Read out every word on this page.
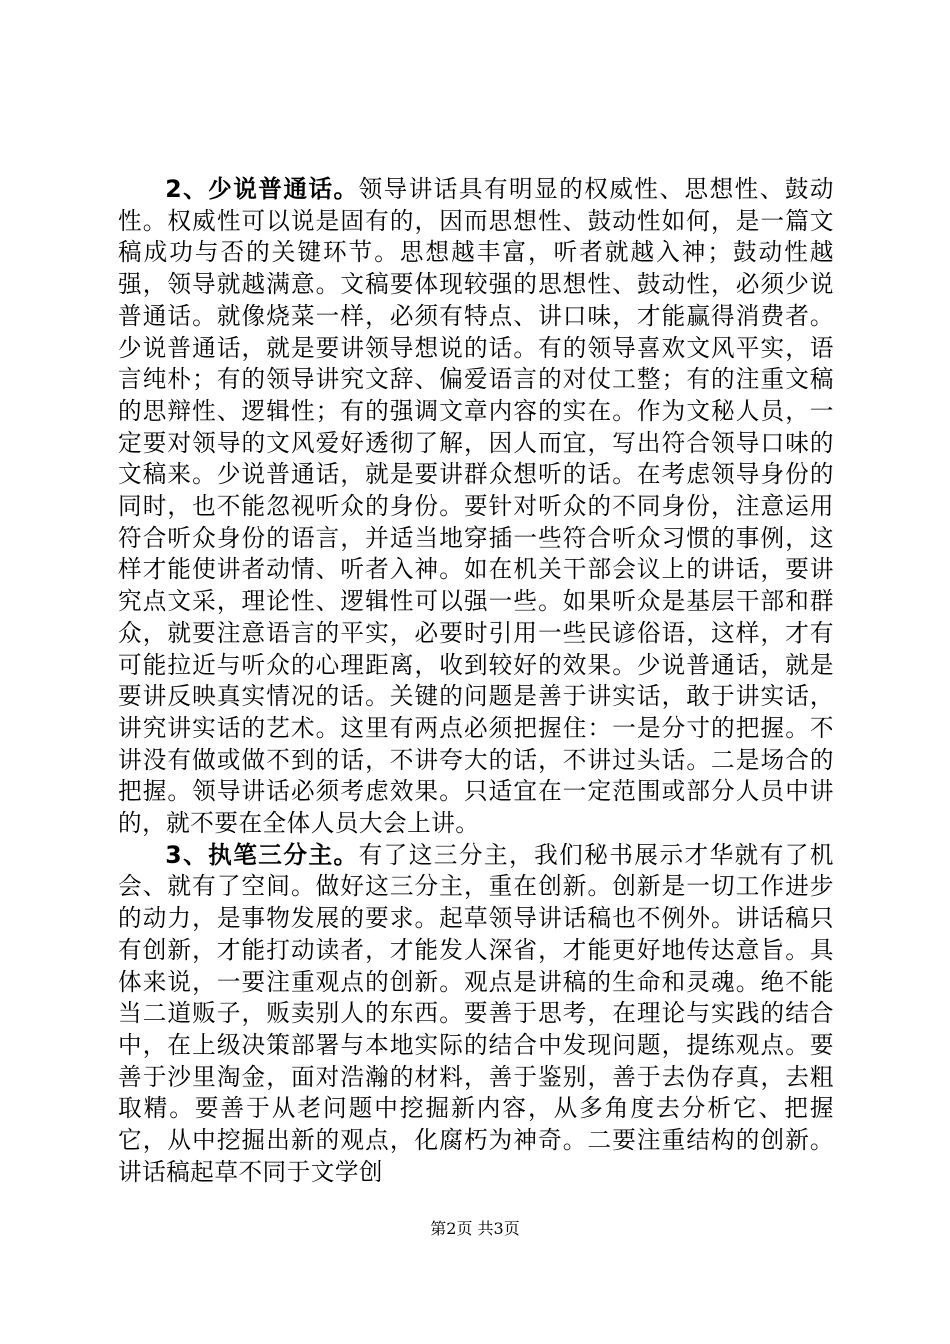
2、少说普通话。领导讲话具有明显的权威性、思想性、鼓动性。权威性可以说是固有的，因而思想性、鼓动性如何，是一篇文稿成功与否的关键环节。思想越丰富，听者就越入神；鼓动性越强，领导就越满意。文稿要体现较强的思想性、鼓动性，必须少说普通话。就像烧菜一样，必须有特点、讲口味，才能赢得消费者。少说普通话，就是要讲领导想说的话。有的领导喜欢文风平实，语言纯朴；有的领导讲究文辞、偏爱语言的对仗工整；有的注重文稿的思辩性、逻辑性；有的强调文章内容的实在。作为文秘人员，一定要对领导的文风爱好透彻了解，因人而宜，写出符合领导口味的文稿来。少说普通话，就是要讲群众想听的话。在考虑领导身份的同时，也不能忽视听众的身份。要针对听众的不同身份，注意运用符合听众身份的语言，并适当地穿插一些符合听众习惯的事例，这样才能使讲者动情、听者入神。如在机关干部会议上的讲话，要讲究点文采，理论性、逻辑性可以强一些。如果听众是基层干部和群众，就要注意语言的平实，必要时引用一些民谚俗语，这样，才有可能拉近与听众的心理距离，收到较好的效果。少说普通话，就是要讲反映真实情况的话。关键的问题是善于讲实话，敢于讲实话，讲究讲实话的艺术。这里有两点必须把握住：一是分寸的把握。不讲没有做或做不到的话，不讲夸大的话，不讲过头话。二是场合的把握。领导讲话必须考虑效果。只适宜在一定范围或部分人员中讲的，就不要在全体人员大会上讲。

3、执笔三分主。有了这三分主，我们秘书展示才华就有了机会、就有了空间。做好这三分主，重在创新。创新是一切工作进步的动力，是事物发展的要求。起草领导讲话稿也不例外。讲话稿只有创新，才能打动读者，才能发人深省，才能更好地传达意旨。具体来说，一要注重观点的创新。观点是讲稿的生命和灵魂。绝不能当二道贩子，贩卖别人的东西。要善于思考，在理论与实践的结合中，在上级决策部署与本地实际的结合中发现问题，提练观点。要善于沙里淘金，面对浩瀚的材料，善于鉴别，善于去伪存真，去粗取精。要善于从老问题中挖掘新内容，从多角度去分析它、把握它，从中挖掘出新的观点，化腐朽为神奇。二要注重结构的创新。讲话稿起草不同于文学创

第2页 共3页
